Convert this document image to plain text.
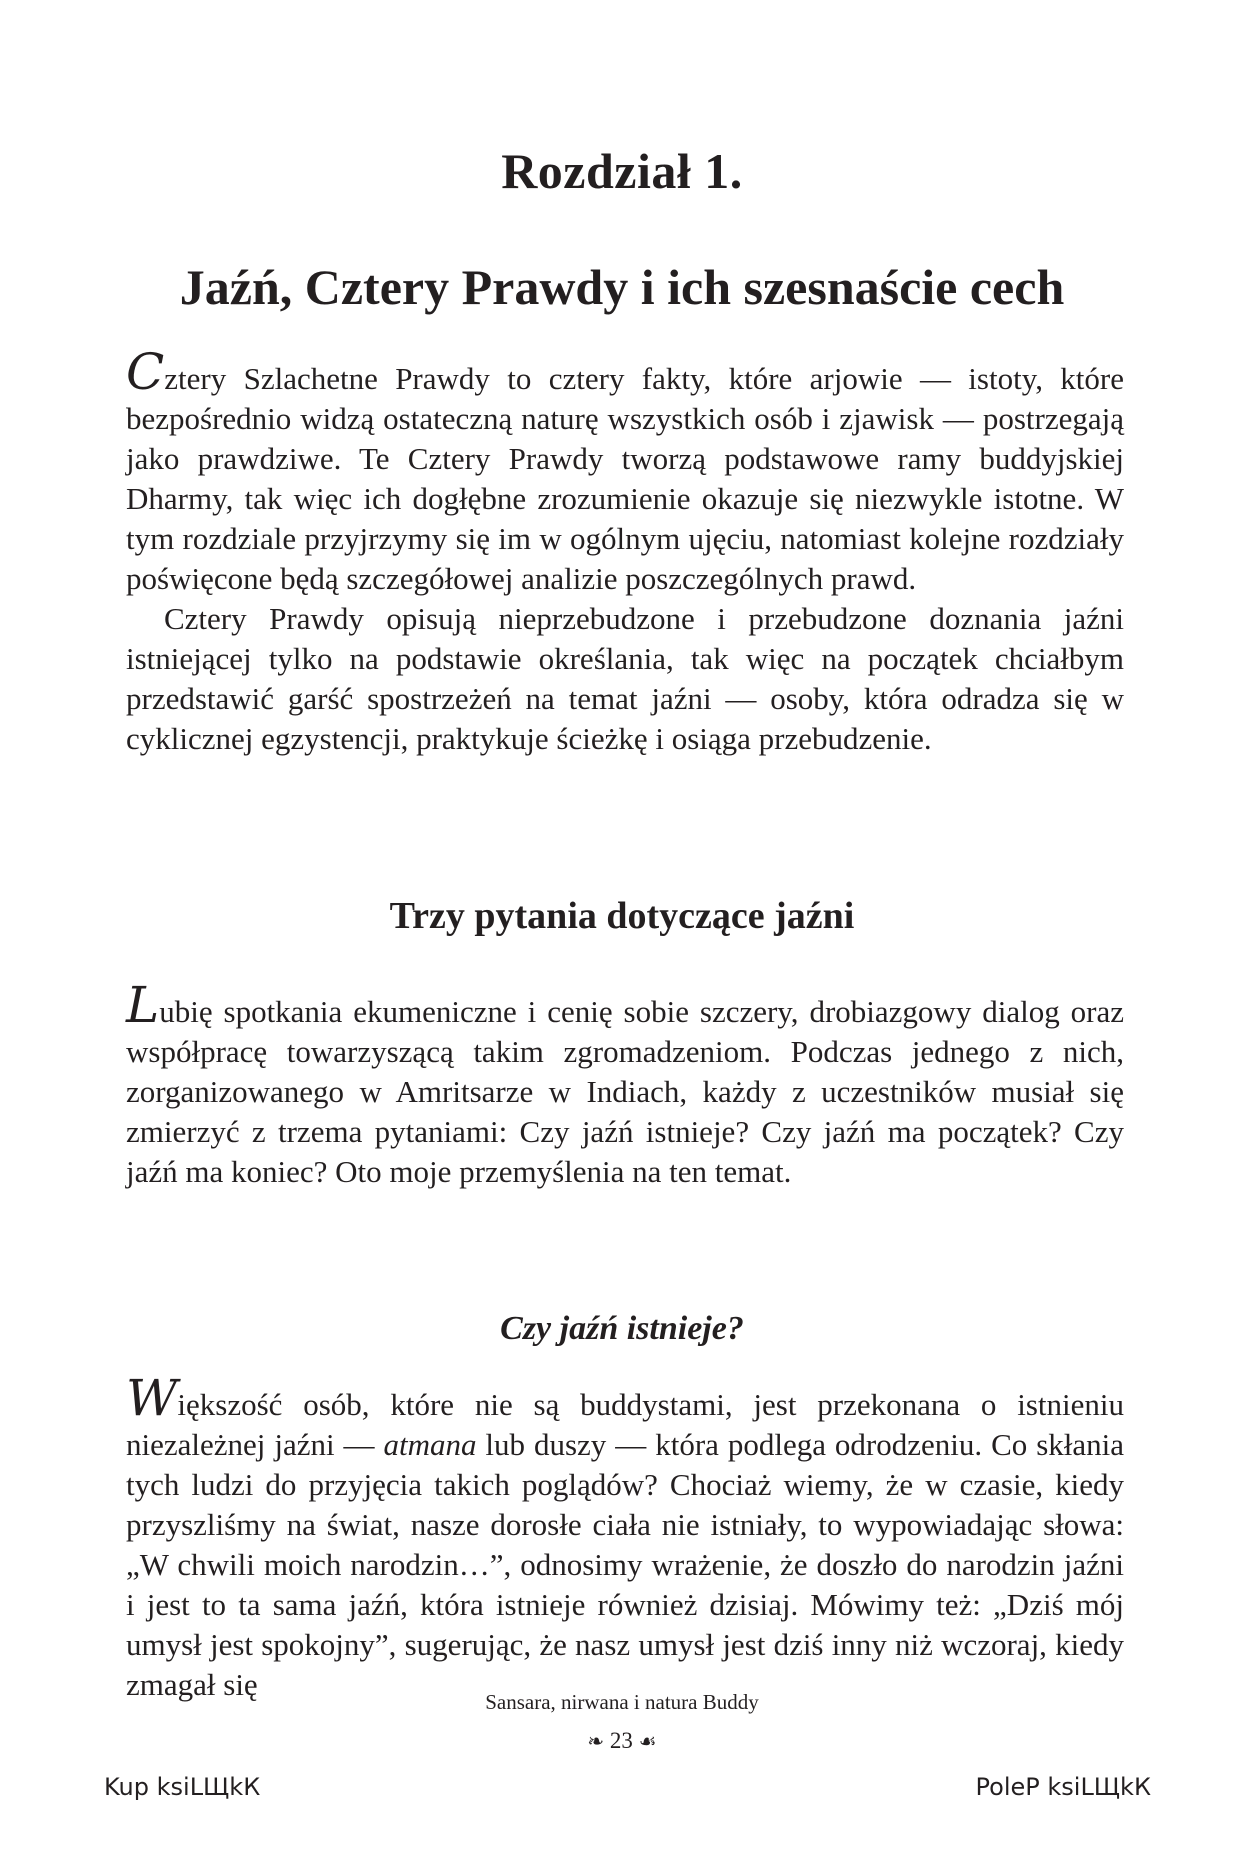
Rozdział 1.
Jaźń, Cztery Prawdy i ich szesnaście cech

Cztery Szlachetne Prawdy to cztery fakty, które arjowie — istoty, które bezpośrednio widzą ostateczną naturę wszystkich osób i zjawisk — postrzegają jako prawdziwe. Te Cztery Prawdy tworzą podstawowe ramy buddyjskiej Dharmy, tak więc ich dogłębne zrozumienie okazuje się niezwykle istotne. W tym rozdziale przyjrzymy się im w ogólnym ujęciu, natomiast kolejne rozdziały poświęcone będą szczegółowej analizie poszczególnych prawd.

Cztery Prawdy opisują nieprzebudzone i przebudzone doznania jaźni istniejącej tylko na podstawie określania, tak więc na początek chciałbym przedstawić garść spostrzeżeń na temat jaźni — osoby, która odradza się w cyklicznej egzystencji, praktykuje ścieżkę i osiąga przebudzenie.

Trzy pytania dotyczące jaźni

Lubię spotkania ekumeniczne i cenię sobie szczery, drobiazgowy dialog oraz współpracę towarzyszącą takim zgromadzeniom. Podczas jednego z nich, zorganizowanego w Amritsarze w Indiach, każdy z uczestników musiał się zmierzyć z trzema pytaniami: Czy jaźń istnieje? Czy jaźń ma początek? Czy jaźń ma koniec? Oto moje przemyślenia na ten temat.

Czy jaźń istnieje?

Większość osób, które nie są buddystami, jest przekonana o istnieniu niezależnej jaźni — atmana lub duszy — która podlega odrodzeniu. Co skłania tych ludzi do przyjęcia takich poglądów? Chociaż wiemy, że w czasie, kiedy przyszliśmy na świat, nasze dorosłe ciała nie istniały, to wypowiadając słowa: „W chwili moich narodzin…”, odnosimy wrażenie, że doszło do narodzin jaźni i jest to ta sama jaźń, która istnieje również dzisiaj. Mówimy też: „Dziś mój umysł jest spokojny”, sugerując, że nasz umysł jest dziś inny niż wczoraj, kiedy zmagał się	Sansara, nirwana i natura Buddy
❧ 23 ☙
Kup ksiLЩkК	PoleP ksiLЩkК
